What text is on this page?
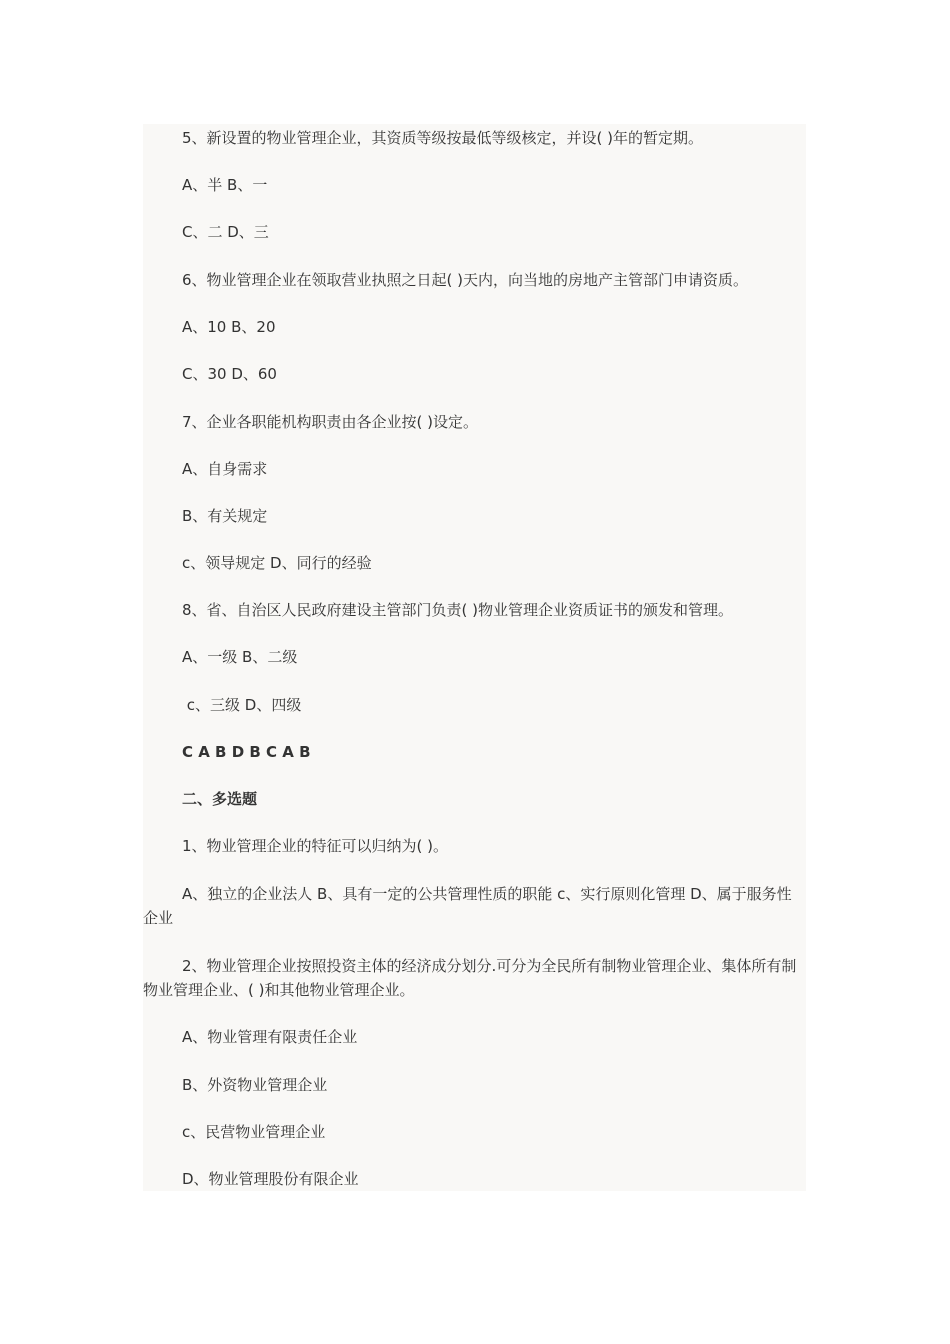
5、新设置的物业管理企业，其资质等级按最低等级核定，并设( )年的暂定期。
A、半 B、一
C、二 D、三
6、物业管理企业在领取营业执照之日起( )天内，向当地的房地产主管部门申请资质。
A、10 B、20
C、30 D、60
7、企业各职能机构职责由各企业按( )设定。
A、自身需求
B、有关规定
c、领导规定 D、同行的经验
8、省、自治区人民政府建设主管部门负责( )物业管理企业资质证书的颁发和管理。
A、一级 B、二级
c、三级 D、四级
C A B D B C A B
二、多选题
1、物业管理企业的特征可以归纳为( )。
A、独立的企业法人 B、具有一定的公共管理性质的职能 c、实行原则化管理 D、属于服务性企业
2、物业管理企业按照投资主体的经济成分划分.可分为全民所有制物业管理企业、集体所有制物业管理企业、( )和其他物业管理企业。
A、物业管理有限责任企业
B、外资物业管理企业
c、民营物业管理企业
D、物业管理股份有限企业
